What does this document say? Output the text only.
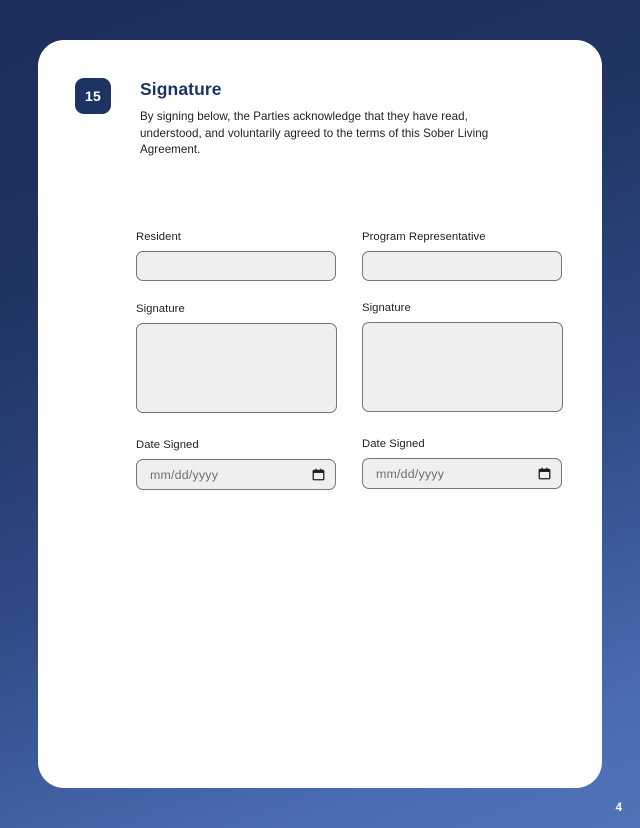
15	Signature

By signing below, the Parties acknowledge that they have read, understood, and voluntarily agreed to the terms of this Sober Living Agreement.

Resident
Signature
Date Signed
mm/dd/yyyy
Program Representative
Signature
Date Signed
mm/dd/yyyy
4
